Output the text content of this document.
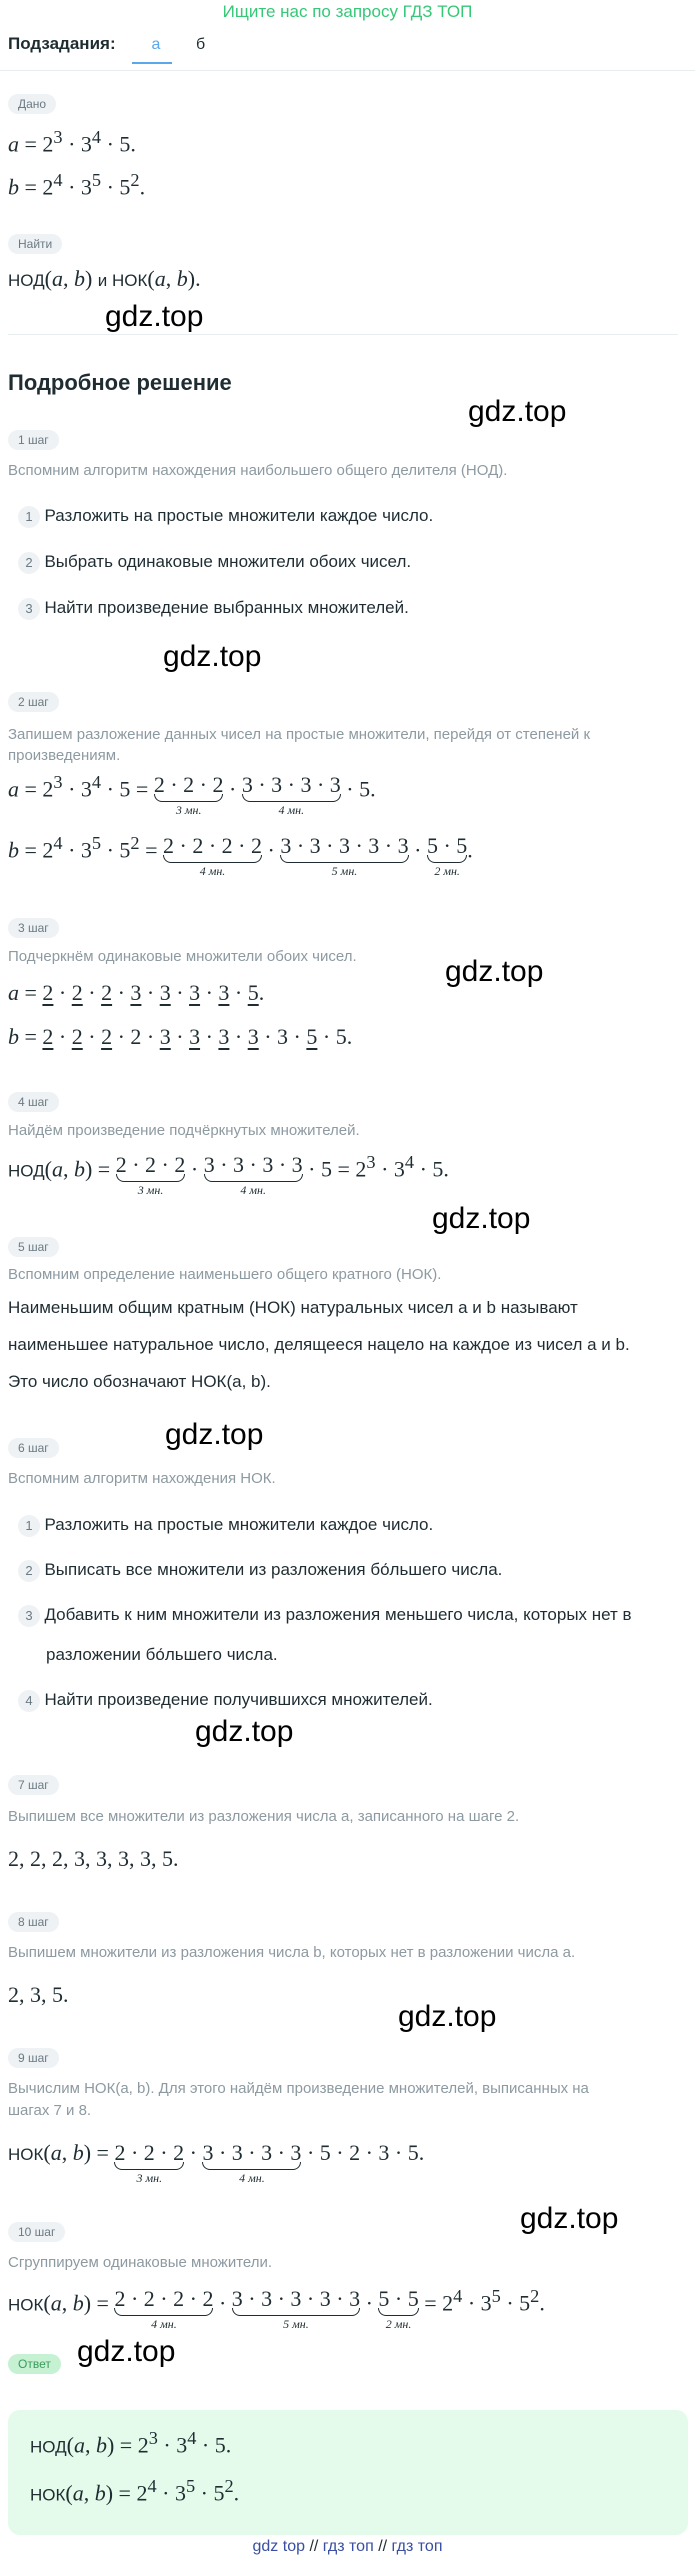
Ищите нас по запросу ГДЗ ТОП
Подзадания:	а	б
Дано
$a = 2^3 \cdot 3^4 \cdot 5$.
$b = 2^4 \cdot 3^5 \cdot 5^2$.
Найти
НОД(a, b) и НОК(a, b).
gdz.top
Подробное решение
gdz.top
1 шаг
Вспомним алгоритм нахождения наибольшего общего делителя (НОД).
1 Разложить на простые множители каждое число.
2 Выбрать одинаковые множители обоих чисел.
3 Найти произведение выбранных множителей.
gdz.top
2 шаг
Запишем разложение данных чисел на простые множители, перейдя от степеней к произведениям.
$a = 2^3 \cdot 3^4 \cdot 5 = 2 \cdot 2 \cdot 2$
3 мн.
· 3 · 3 · 3 · 3
4 мн.
· 5.
$b = 2^4 \cdot 3^5 \cdot 5^2 = 2 \cdot 2 \cdot 2 \cdot 2$
4 мн.
· 3 · 3 · 3 · 3 · 3
5 мн.
· 5 · 5
2 мн.
.
3 шаг
Подчеркнём одинаковые множители обоих чисел.	gdz.top
a = 2 · 2 · 2 · 3 · 3 · 3 · 3 · 5.
b = 2 · 2 · 2 · 2 · 3 · 3 · 3 · 3 · 3 · 5 · 5.
4 шаг
Найдём произведение подчёркнутых множителей.
НОД(a, b) = 2 · 2 · 2
3 мн.
· 3 · 3 · 3 · 3
4 мн.
· $5 = 2^3 \cdot 3^4 \cdot 5$.
gdz.top
5 шаг
Вспомним определение наименьшего общего кратного (НОК).
Наименьшим общим кратным (НОК) натуральных чисел a и b называют
наименьшее натуральное число, делящееся нацело на каждое из чисел a и b.
Это число обозначают НОК(a, b).
gdz.top
6 шаг
Вспомним алгоритм нахождения НОК.
1 Разложить на простые множители каждое число.
2 Выписать все множители из разложения бо́льшего числа.
3 Добавить к ним множители из разложения меньшего числа, которых нет в
разложении бо́льшего числа.
4 Найти произведение получившихся множителей.
gdz.top
7 шаг
Выпишем все множители из разложения числа a, записанного на шаге 2.
2, 2, 2, 3, 3, 3, 3, 5.
8 шаг
Выпишем множители из разложения числа b, которых нет в разложении числа a.
2, 3, 5.
gdz.top
9 шаг
Вычислим НОК(a, b). Для этого найдём произведение множителей, выписанных на
шагах 7 и 8.
НОК(a, b) = 2 · 2 · 2
3 мн.
· 3 · 3 · 3 · 3
4 мн.
· 5 · 2 · 3 · 5.
gdz.top
10 шаг
Сгруппируем одинаковые множители.
НОК(a, b) = 2 · 2 · 2 · 2
4 мн.
· 3 · 3 · 3 · 3 · 3
5 мн.
· 5 · 5
2 мн.
= $2^4 \cdot 3^5 \cdot 5^2$.
Ответ gdz.top
НОД(a, $b) = 2^3 \cdot 3^4 \cdot 5$.
НОК(a, $b) = 2^4 \cdot 3^5 \cdot 5^2$.
gdz top // гдз топ // гдз топ
